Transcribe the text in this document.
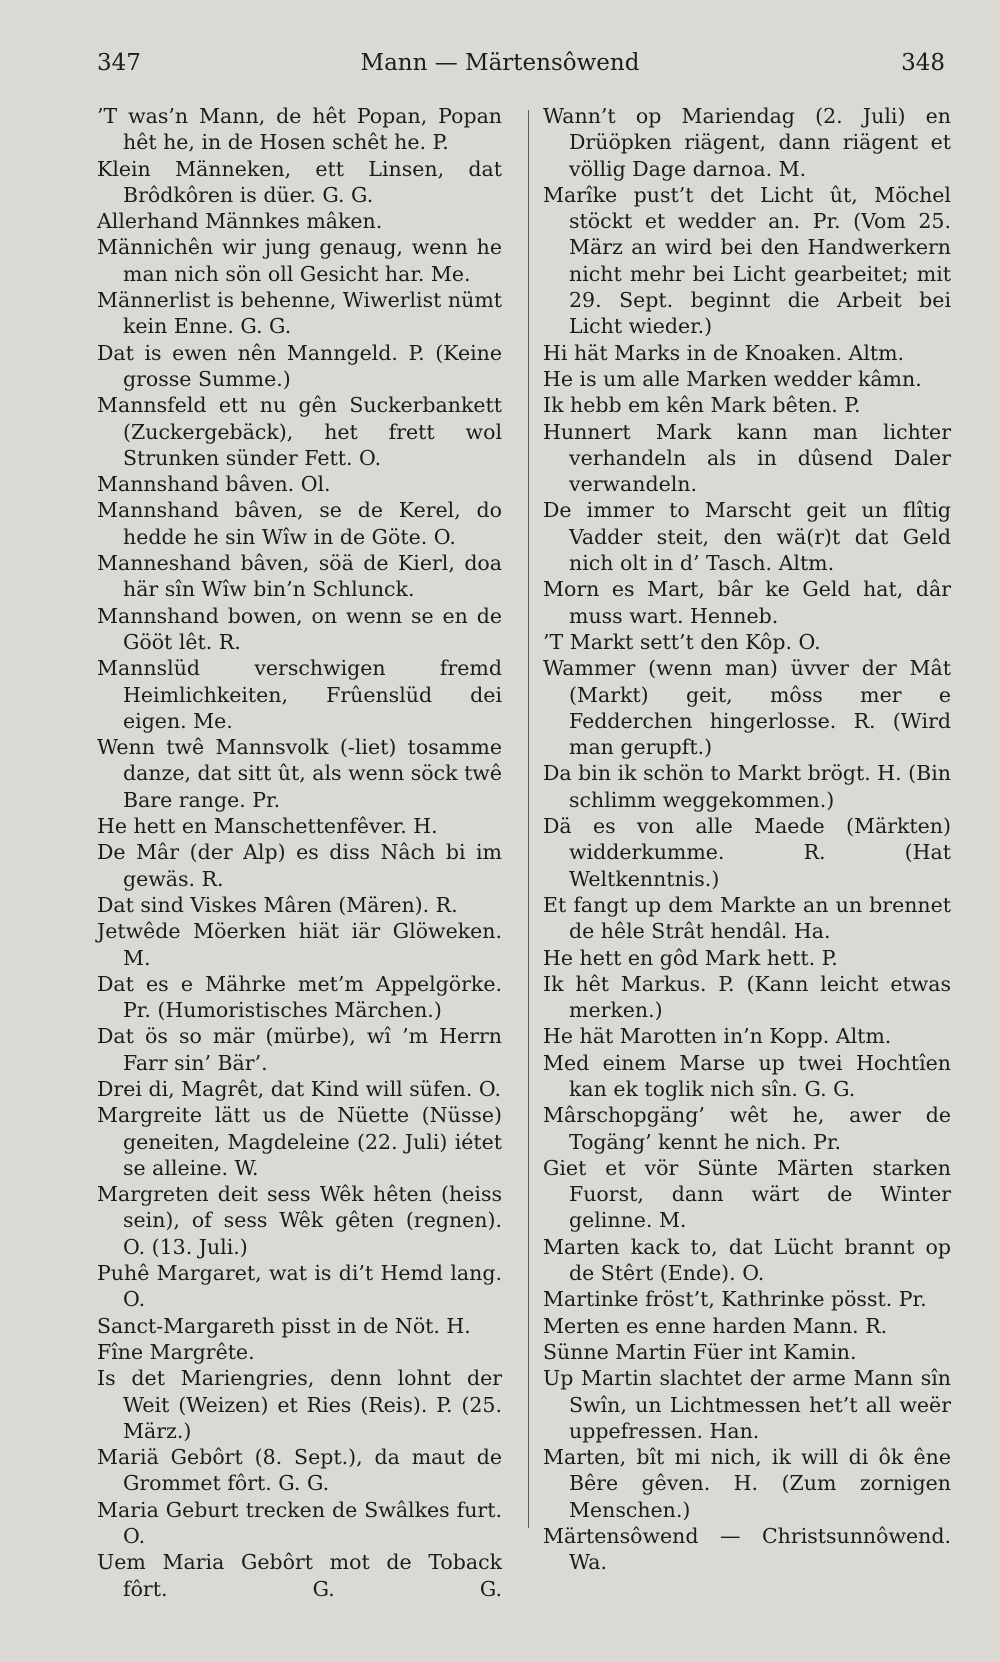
347	Mann — Märtensôwend	348
’T was’n Mann, de hêt Popan, Popan hêt he, in de Hosen schêt he. P.
Klein Männeken, ett Linsen, dat Brôdkôren is düer. G. G.
Allerhand Männkes mâken.
Männichên wir jung genaug, wenn he man nich sön oll Gesicht har. Me.
Männerlist is behenne, Wiwerlist nümt kein Enne. G. G.
Dat is ewen nên Manngeld. P. (Keine grosse Summe.)
Mannsfeld ett nu gên Suckerbankett (Zuckergebäck), het frett wol Strunken sünder Fett. O.
Mannshand bâven. Ol.
Mannshand bâven, se de Kerel, do hedde he sin Wîw in de Göte. O.
Manneshand bâven, söä de Kierl, doa här sîn Wîw bin’n Schlunck.
Mannshand bowen, on wenn se en de Gööt lêt. R.
Mannslüd verschwigen fremd Heimlichkeiten, Frûenslüd dei eigen. Me.
Wenn twê Mannsvolk (-liet) tosamme danze, dat sitt ût, als wenn söck twê Bare range. Pr.
He hett en Manschettenfêver. H.
De Mâr (der Alp) es diss Nâch bi im gewäs. R.
Dat sind Viskes Mâren (Mären). R.
Jetwêde Möerken hiät iär Glöweken. M.
Dat es e Mährke met’m Appelgörke. Pr. (Humoristisches Märchen.)
Dat ös so mär (mürbe), wî ’m Herrn Farr sin’ Bär’.
Drei di, Magrêt, dat Kind will süfen. O.
Margreite lätt us de Nüette (Nüsse) geneiten, Magdeleine (22. Juli) iétet se alleine. W.
Margreten deit sess Wêk hêten (heiss sein), of sess Wêk gêten (regnen). O. (13. Juli.)
Puhê Margaret, wat is di’t Hemd lang. O.
Sanct-Margareth pisst in de Nöt. H.
Fîne Margrête.
Is det Mariengries, denn lohnt der Weit (Weizen) et Ries (Reis). P. (25. März.)
Mariä Gebôrt (8. Sept.), da maut de Grommet fôrt. G. G.
Maria Geburt trecken de Swâlkes furt. O.
Uem Maria Gebôrt mot de Toback fôrt. G. G.
Wann’t op Mariendag (2. Juli) en Drüöpken riägent, dann riägent et völlig Dage darnoa. M.
Marîke pust’t det Licht ût, Möchel stöckt et wedder an. Pr. (Vom 25. März an wird bei den Handwerkern nicht mehr bei Licht gearbeitet; mit 29. Sept. beginnt die Arbeit bei Licht wieder.)
Hi hät Marks in de Knoaken. Altm.
He is um alle Marken wedder kâmn.
Ik hebb em kên Mark bêten. P.
Hunnert Mark kann man lichter verhandeln als in dûsend Daler verwandeln.
De immer to Marscht geit un flîtig Vadder steit, den wä(r)t dat Geld nich olt in d’ Tasch. Altm.
Morn es Mart, bâr ke Geld hat, dâr muss wart. Henneb.
’T Markt sett’t den Kôp. O.
Wammer (wenn man) üvver der Mât (Markt) geit, môss mer e Fedderchen hingerlosse. R. (Wird man gerupft.)
Da bin ik schön to Markt brögt. H. (Bin schlimm weggekommen.)
Dä es von alle Maede (Märkten) widderkumme. R. (Hat Weltkenntnis.)
Et fangt up dem Markte an un brennet de hêle Strât hendâl. Ha.
He hett en gôd Mark hett. P.
Ik hêt Markus. P. (Kann leicht etwas merken.)
He hät Marotten in’n Kopp. Altm.
Med einem Marse up twei Hochtîen kan ek toglik nich sîn. G. G.
Mârschopgäng’ wêt he, awer de Togäng’ kennt he nich. Pr.
Giet et vör Sünte Märten starken Fuorst, dann wärt de Winter gelinne. M.
Marten kack to, dat Lücht brannt op de Stêrt (Ende). O.
Martinke fröst’t, Kathrinke pösst. Pr.
Merten es enne harden Mann. R.
Sünne Martin Füer int Kamin.
Up Martin slachtet der arme Mann sîn Swîn, un Lichtmessen het’t all weër uppefressen. Han.
Marten, bît mi nich, ik will di ôk êne Bêre gêven. H. (Zum zornigen Menschen.)
Märtensôwend — Christsunnôwend. Wa.
